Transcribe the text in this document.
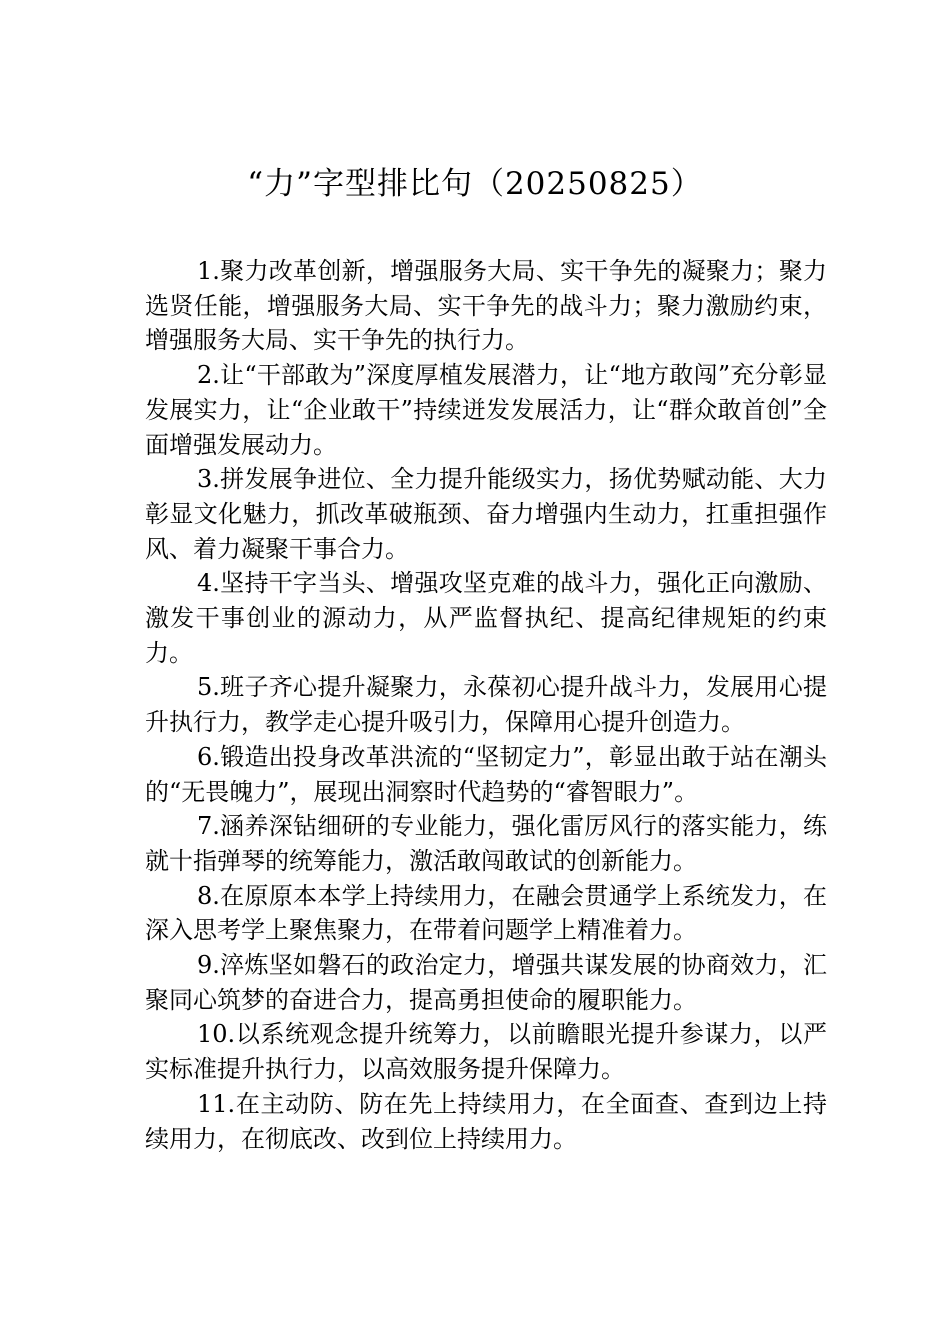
“力”字型排比句（20250825）

1.聚力改革创新，增强服务大局、实干争先的凝聚力；聚力选贤任能，增强服务大局、实干争先的战斗力；聚力激励约束，增强服务大局、实干争先的执行力。

2.让“干部敢为”深度厚植发展潜力，让“地方敢闯”充分彰显发展实力，让“企业敢干”持续迸发发展活力，让“群众敢首创”全面增强发展动力。

3.拼发展争进位、全力提升能级实力，扬优势赋动能、大力彰显文化魅力，抓改革破瓶颈、奋力增强内生动力，扛重担强作风、着力凝聚干事合力。

4.坚持干字当头、增强攻坚克难的战斗力，强化正向激励、激发干事创业的源动力，从严监督执纪、提高纪律规矩的约束力。

5.班子齐心提升凝聚力，永葆初心提升战斗力，发展用心提升执行力，教学走心提升吸引力，保障用心提升创造力。

6.锻造出投身改革洪流的“坚韧定力”，彰显出敢于站在潮头的“无畏魄力”，展现出洞察时代趋势的“睿智眼力”。

7.涵养深钻细研的专业能力，强化雷厉风行的落实能力，练就十指弹琴的统筹能力，激活敢闯敢试的创新能力。

8.在原原本本学上持续用力，在融会贯通学上系统发力，在深入思考学上聚焦聚力，在带着问题学上精准着力。

9.淬炼坚如磐石的政治定力，增强共谋发展的协商效力，汇聚同心筑梦的奋进合力，提高勇担使命的履职能力。

10.以系统观念提升统筹力，以前瞻眼光提升参谋力，以严实标准提升执行力，以高效服务提升保障力。

11.在主动防、防在先上持续用力，在全面查、查到边上持续用力，在彻底改、改到位上持续用力。
